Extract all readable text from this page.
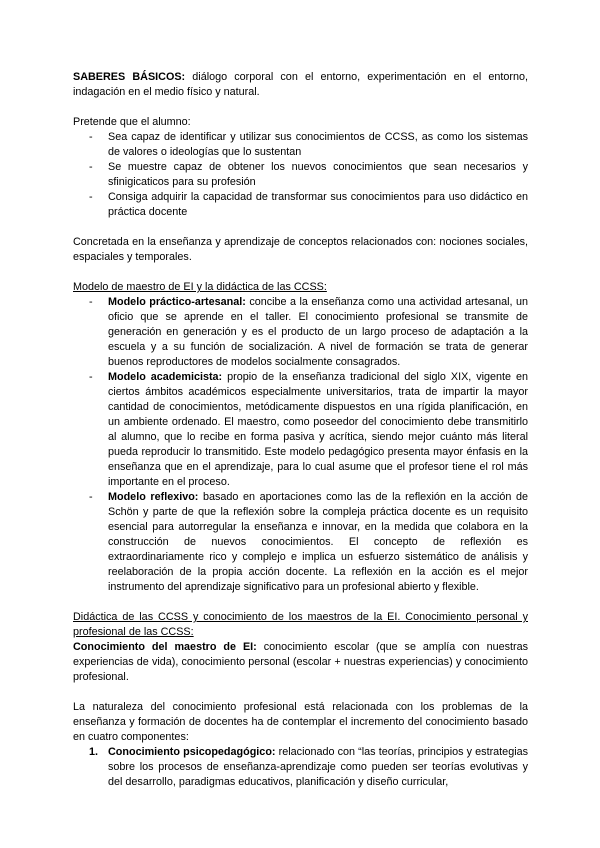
SABERES BÁSICOS: diálogo corporal con el entorno, experimentación en el entorno, indagación en el medio físico y natural.

Pretende que el alumno:

- Sea capaz de identificar y utilizar sus conocimientos de CCSS, as como los sistemas de valores o ideologías que lo sustentan
- Se muestre capaz de obtener los nuevos conocimientos que sean necesarios y sfinigicaticos para su profesión
- Consiga adquirir la capacidad de transformar sus conocimientos para uso didáctico en práctica docente

Concretada en la enseñanza y aprendizaje de conceptos relacionados con: nociones sociales, espaciales y temporales.

Modelo de maestro de EI y la didáctica de las CCSS:

- Modelo práctico-artesanal: concibe a la enseñanza como una actividad artesanal, un oficio que se aprende en el taller. El conocimiento profesional se transmite de generación en generación y es el producto de un largo proceso de adaptación a la escuela y a su función de socialización. A nivel de formación se trata de generar buenos reproductores de modelos socialmente consagrados.
- Modelo academicista: propio de la enseñanza tradicional del siglo XIX, vigente en ciertos ámbitos académicos especialmente universitarios, trata de impartir la mayor cantidad de conocimientos, metódicamente dispuestos en una rígida planificación, en un ambiente ordenado. El maestro, como poseedor del conocimiento debe transmitirlo al alumno, que lo recibe en forma pasiva y acrítica, siendo mejor cuánto más literal pueda reproducir lo transmitido. Este modelo pedagógico presenta mayor énfasis en la enseñanza que en el aprendizaje, para lo cual asume que el profesor tiene el rol más importante en el proceso.
- Modelo reflexivo: basado en aportaciones como las de la reflexión en la acción de Schön y parte de que la reflexión sobre la compleja práctica docente es un requisito esencial para autorregular la enseñanza e innovar, en la medida que colabora en la construcción de nuevos conocimientos. El concepto de reflexión es extraordinariamente rico y complejo e implica un esfuerzo sistemático de análisis y reelaboración de la propia acción docente. La reflexión en la acción es el mejor instrumento del aprendizaje significativo para un profesional abierto y flexible.

Didáctica de las CCSS y conocimiento de los maestros de la EI. Conocimiento personal y profesional de las CCSS:

Conocimiento del maestro de EI: conocimiento escolar (que se amplía con nuestras experiencias de vida), conocimiento personal (escolar + nuestras experiencias) y conocimiento profesional.

La naturaleza del conocimiento profesional está relacionada con los problemas de la enseñanza y formación de docentes ha de contemplar el incremento del conocimiento basado en cuatro componentes:

1. Conocimiento psicopedagógico: relacionado con “las teorías, principios y estrategias sobre los procesos de enseñanza-aprendizaje como pueden ser teorías evolutivas y del desarrollo, paradigmas educativos, planificación y diseño curricular,
